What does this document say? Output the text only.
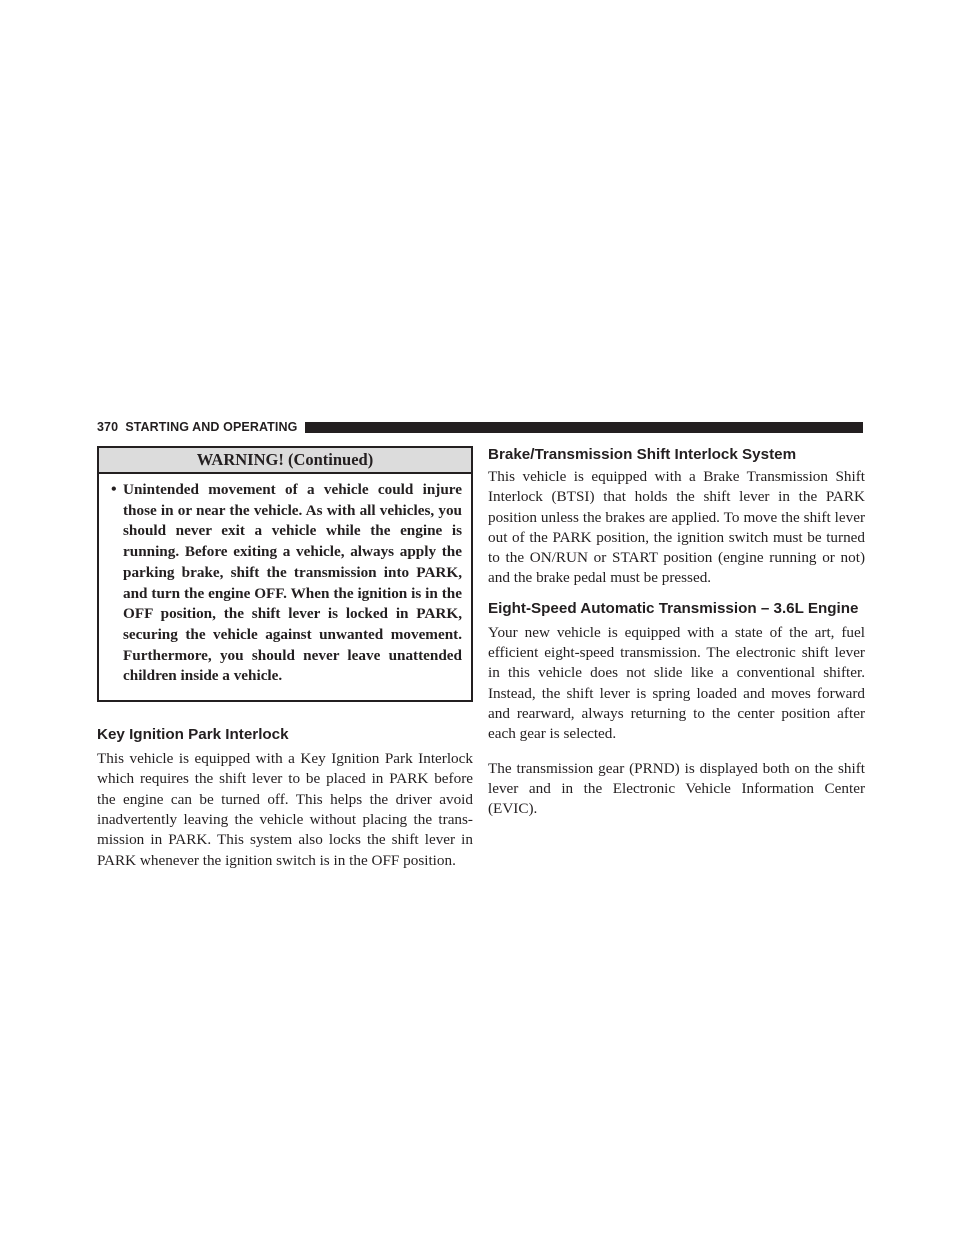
370 STARTING AND OPERATING
WARNING! (Continued)
• Unintended movement of a vehicle could injure those in or near the vehicle. As with all vehicles, you should never exit a vehicle while the engine is running. Before exiting a vehicle, always apply the parking brake, shift the transmission into PARK, and turn the engine OFF. When the ignition is in the OFF position, the shift lever is locked in PARK, securing the vehicle against unwanted movement. Furthermore, you should never leave unattended children inside a vehicle.
Key Ignition Park Interlock

This vehicle is equipped with a Key Ignition Park Interlock which requires the shift lever to be placed in PARK before the engine can be turned off. This helps the driver avoid inadvertently leaving the vehicle without placing the trans-mission in PARK. This system also locks the shift lever in PARK whenever the ignition switch is in the OFF position.

Brake/Transmission Shift Interlock System

This vehicle is equipped with a Brake Transmission Shift Interlock (BTSI) that holds the shift lever in the PARK position unless the brakes are applied. To move the shift lever out of the PARK position, the ignition switch must be turned to the ON/RUN or START position (engine running or not) and the brake pedal must be pressed.

Eight-Speed Automatic Transmission – 3.6L Engine

Your new vehicle is equipped with a state of the art, fuel efficient eight-speed transmission. The electronic shift lever in this vehicle does not slide like a conventional shifter. Instead, the shift lever is spring loaded and moves forward and rearward, always returning to the center position after each gear is selected.

The transmission gear (PRND) is displayed both on the shift lever and in the Electronic Vehicle Information Center (EVIC).
